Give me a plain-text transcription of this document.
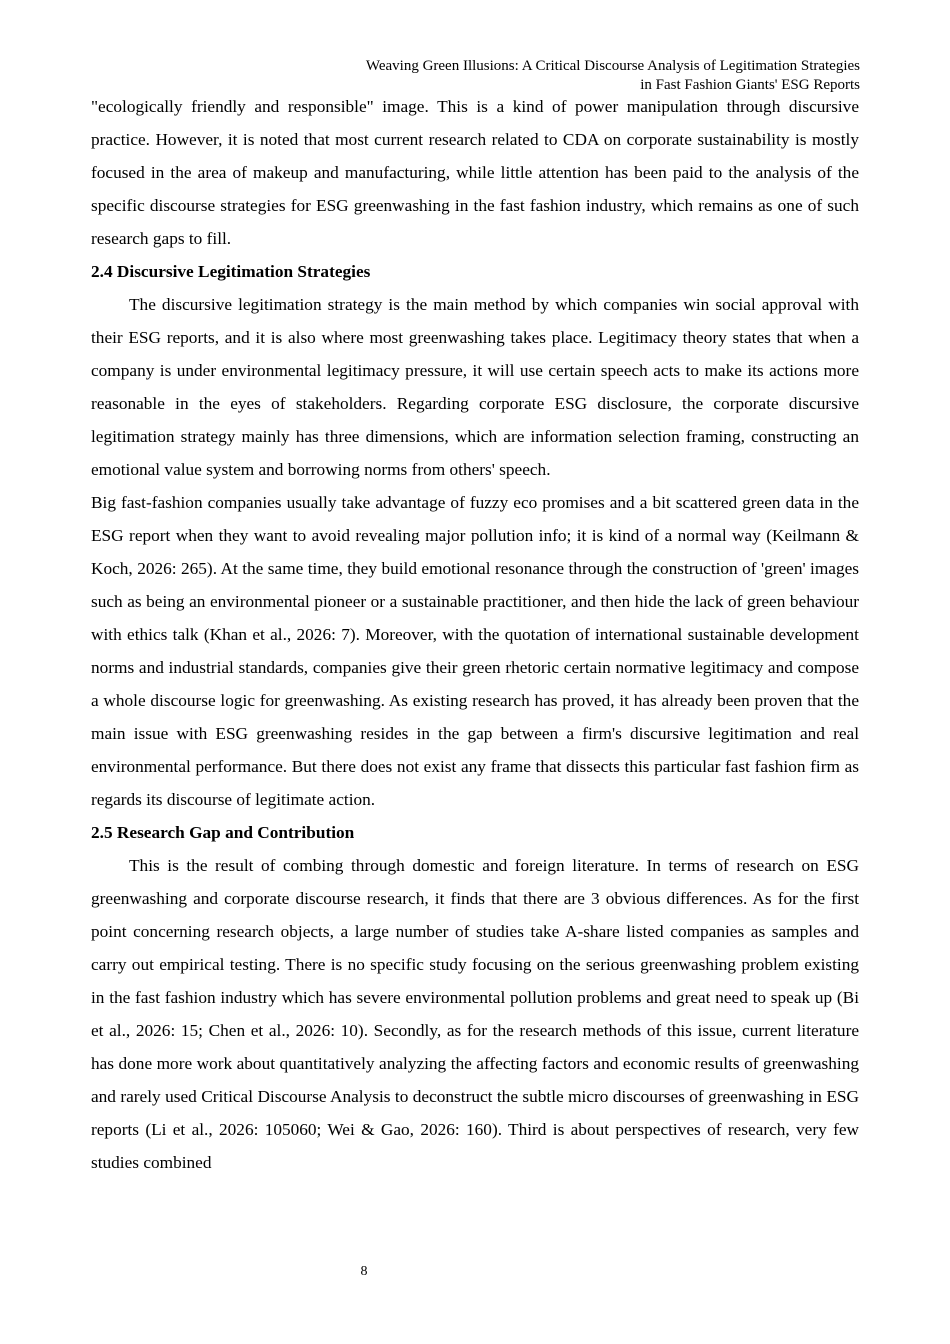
Weaving Green Illusions: A Critical Discourse Analysis of Legitimation Strategies
in Fast Fashion Giants' ESG Reports

"ecologically friendly and responsible" image. This is a kind of power manipulation through discursive practice. However, it is noted that most current research related to CDA on corporate sustainability is mostly focused in the area of makeup and manufacturing, while little attention has been paid to the analysis of the specific discourse strategies for ESG greenwashing in the fast fashion industry, which remains as one of such research gaps to fill.

2.4 Discursive Legitimation Strategies

The discursive legitimation strategy is the main method by which companies win social approval with their ESG reports, and it is also where most greenwashing takes place. Legitimacy theory states that when a company is under environmental legitimacy pressure, it will use certain speech acts to make its actions more reasonable in the eyes of stakeholders. Regarding corporate ESG disclosure, the corporate discursive legitimation strategy mainly has three dimensions, which are information selection framing, constructing an emotional value system and borrowing norms from others' speech.

Big fast-fashion companies usually take advantage of fuzzy eco promises and a bit scattered green data in the ESG report when they want to avoid revealing major pollution info; it is kind of a normal way (Keilmann & Koch, 2026: 265). At the same time, they build emotional resonance through the construction of 'green' images such as being an environmental pioneer or a sustainable practitioner, and then hide the lack of green behaviour with ethics talk (Khan et al., 2026: 7). Moreover, with the quotation of international sustainable development norms and industrial standards, companies give their green rhetoric certain normative legitimacy and compose a whole discourse logic for greenwashing. As existing research has proved, it has already been proven that the main issue with ESG greenwashing resides in the gap between a firm's discursive legitimation and real environmental performance. But there does not exist any frame that dissects this particular fast fashion firm as regards its discourse of legitimate action.

2.5 Research Gap and Contribution

This is the result of combing through domestic and foreign literature. In terms of research on ESG greenwashing and corporate discourse research, it finds that there are 3 obvious differences. As for the first point concerning research objects, a large number of studies take A-share listed companies as samples and carry out empirical testing. There is no specific study focusing on the serious greenwashing problem existing in the fast fashion industry which has severe environmental pollution problems and great need to speak up (Bi et al., 2026: 15; Chen et al., 2026: 10). Secondly, as for the research methods of this issue, current literature has done more work about quantitatively analyzing the affecting factors and economic results of greenwashing and rarely used Critical Discourse Analysis to deconstruct the subtle micro discourses of greenwashing in ESG reports (Li et al., 2026: 105060; Wei & Gao, 2026: 160). Third is about perspectives of research, very few studies combined

8
